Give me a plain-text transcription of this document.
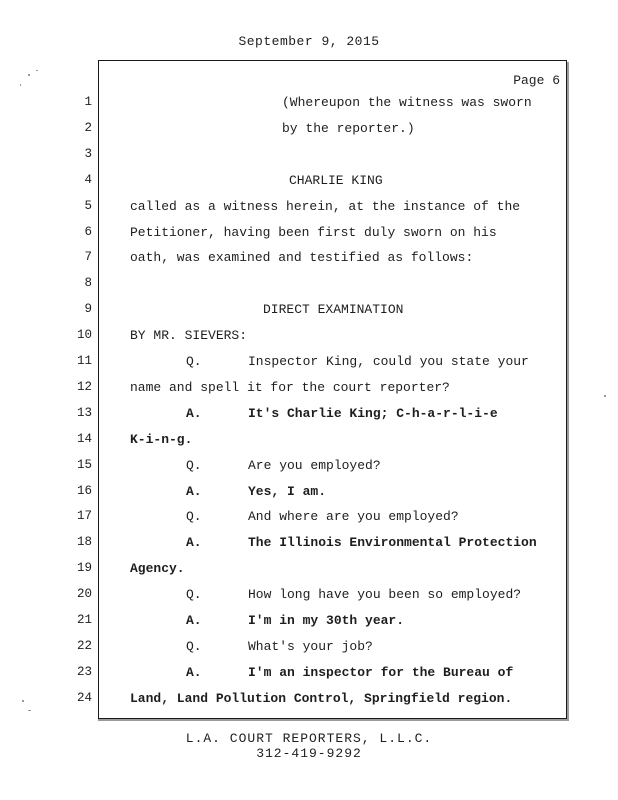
September 9, 2015
Page 6
1	(Whereupon the witness was sworn
2	by the reporter.)
3
4	CHARLIE KING
5	called as a witness herein, at the instance of the
6	Petitioner, having been first duly sworn on his
7	oath, was examined and testified as follows:
8
9	DIRECT EXAMINATION
10	BY MR. SIEVERS:
11	Q.	Inspector King, could you state your
12	name and spell it for the court reporter?
13	A.	It's Charlie King; C-h-a-r-l-i-e
14	K-i-n-g.
15	Q.	Are you employed?
16	A.	Yes, I am.
17	Q.	And where are you employed?
18	A.	The Illinois Environmental Protection
19	Agency.
20	Q.	How long have you been so employed?
21	A.	I'm in my 30th year.
22	Q.	What's your job?
23	A.	I'm an inspector for the Bureau of
24	Land, Land Pollution Control, Springfield region.
L.A. COURT REPORTERS, L.L.C.
312-419-9292
